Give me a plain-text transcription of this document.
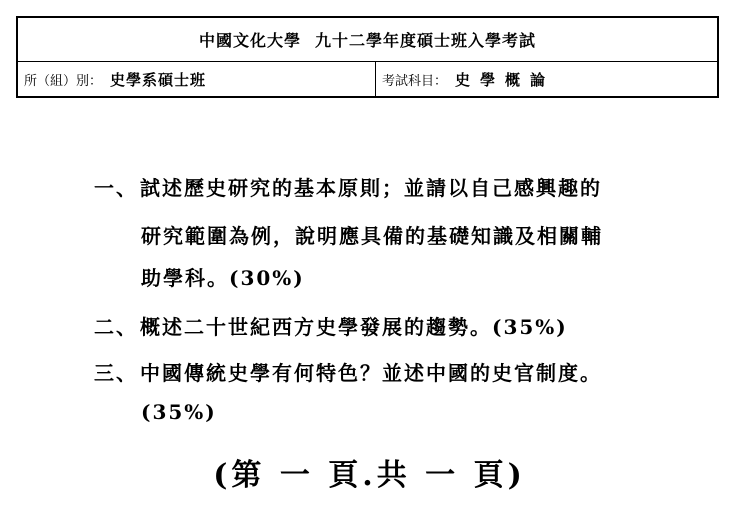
中國文化大學 九十二學年度碩士班入學考試
所（組）別： 史學系碩士班	考試科目： 史學概論
一、 試述歷史研究的基本原則；並請以自己感興趣的
研究範圍為例，說明應具備的基礎知識及相關輔
助學科。(30%)
二、 概述二十世紀西方史學發展的趨勢。(35%)
三、 中國傳統史學有何特色？並述中國的史官制度。
(35%)
(第 一 頁.共 一 頁)
